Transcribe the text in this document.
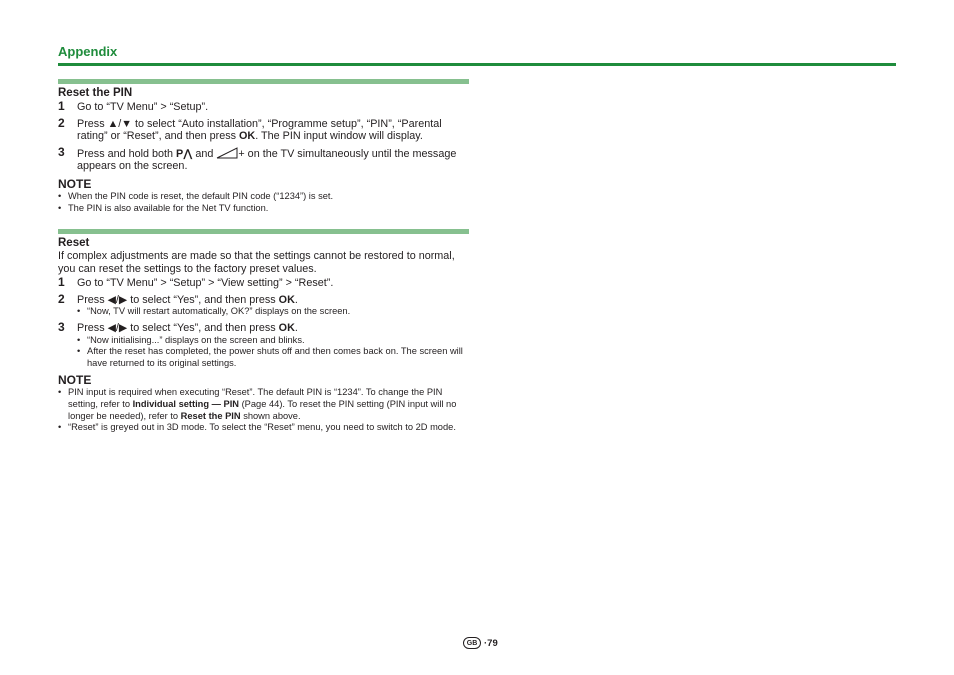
Appendix
Reset the PIN
1 Go to “TV Menu” > “Setup”.
2 Press ▲/▼ to select “Auto installation”, “Programme setup”, “PIN”, “Parental rating” or “Reset”, and then press OK. The PIN input window will display.
3 Press and hold both P⋀ and + on the TV simultaneously until the message appears on the screen.
NOTE
• When the PIN code is reset, the default PIN code (“1234”) is set.
• The PIN is also available for the Net TV function.
Reset
If complex adjustments are made so that the settings cannot be restored to normal, you can reset the settings to the factory preset values.
1 Go to “TV Menu” > “Setup” > “View setting” > “Reset”.
2 Press ◀/▶ to select “Yes”, and then press OK.
• “Now, TV will restart automatically, OK?” displays on the screen.
3 Press ◀/▶ to select “Yes”, and then press OK.
• “Now initialising...” displays on the screen and blinks.
• After the reset has completed, the power shuts off and then comes back on. The screen will have returned to its original settings.
NOTE
• PIN input is required when executing “Reset”. The default PIN is “1234”. To change the PIN setting, refer to Individual setting — PIN (Page 44). To reset the PIN setting (PIN input will no longer be needed), refer to Reset the PIN shown above.
• “Reset” is greyed out in 3D mode. To select the “Reset” menu, you need to switch to 2D mode.
GB · 79
